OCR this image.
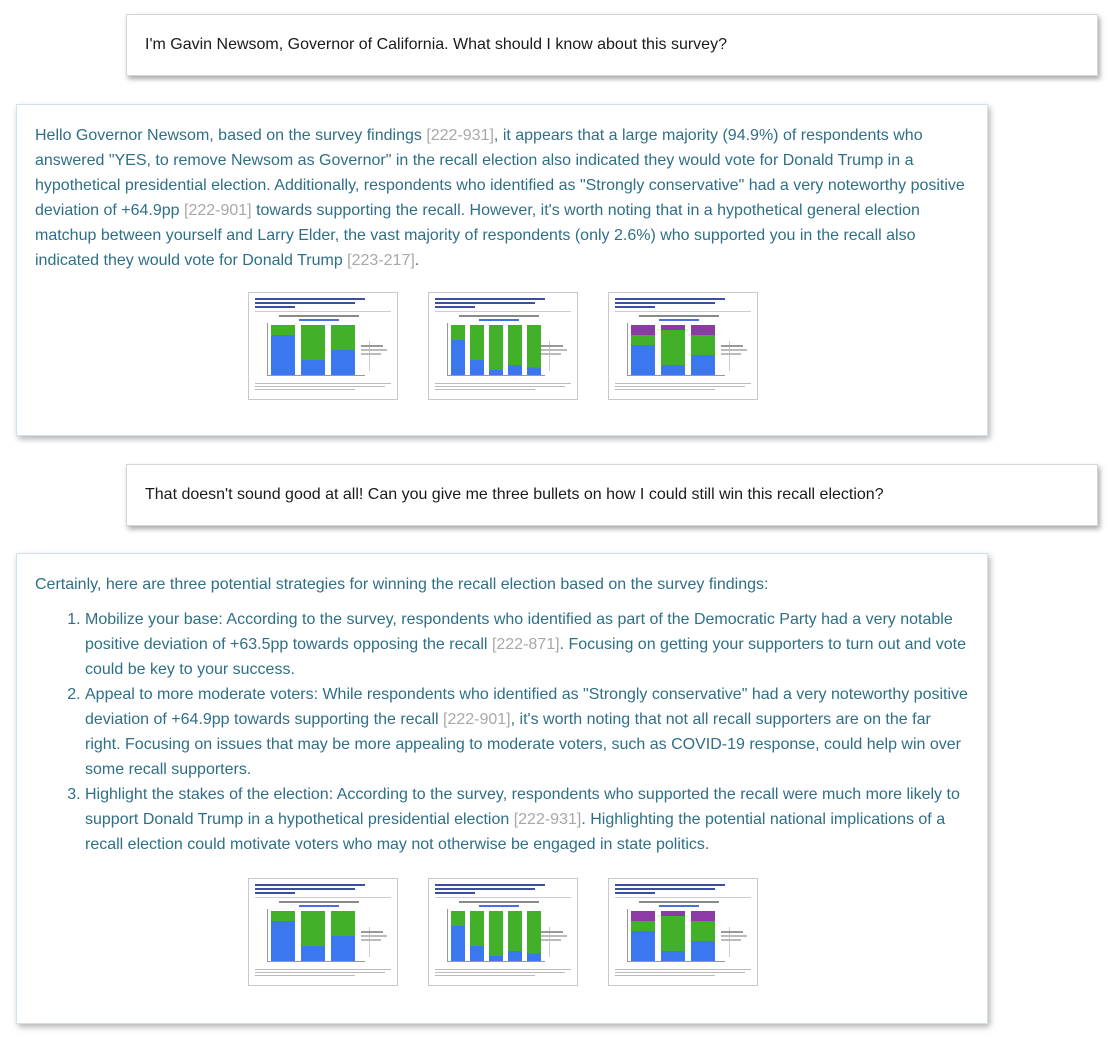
I'm Gavin Newsom, Governor of California. What should I know about this survey?
Hello Governor Newsom, based on the survey findings [222-931], it appears that a large majority (94.9%) of respondents who answered "YES, to remove Newsom as Governor" in the recall election also indicated they would vote for Donald Trump in a hypothetical presidential election. Additionally, respondents who identified as "Strongly conservative" had a very noteworthy positive deviation of +64.9pp [222-901] towards supporting the recall. However, it's worth noting that in a hypothetical general election matchup between yourself and Larry Elder, the vast majority of respondents (only 2.6%) who supported you in the recall also indicated they would vote for Donald Trump [223-217].
That doesn't sound good at all! Can you give me three bullets on how I could still win this recall election?
Certainly, here are three potential strategies for winning the recall election based on the survey findings:
1. Mobilize your base: According to the survey, respondents who identified as part of the Democratic Party had a very notable positive deviation of +63.5pp towards opposing the recall [222-871]. Focusing on getting your supporters to turn out and vote could be key to your success.
2. Appeal to more moderate voters: While respondents who identified as "Strongly conservative" had a very noteworthy positive deviation of +64.9pp towards supporting the recall [222-901], it's worth noting that not all recall supporters are on the far right. Focusing on issues that may be more appealing to moderate voters, such as COVID-19 response, could help win over some recall supporters.
3. Highlight the stakes of the election: According to the survey, respondents who supported the recall were much more likely to support Donald Trump in a hypothetical presidential election [222-931]. Highlighting the potential national implications of a recall election could motivate voters who may not otherwise be engaged in state politics.
